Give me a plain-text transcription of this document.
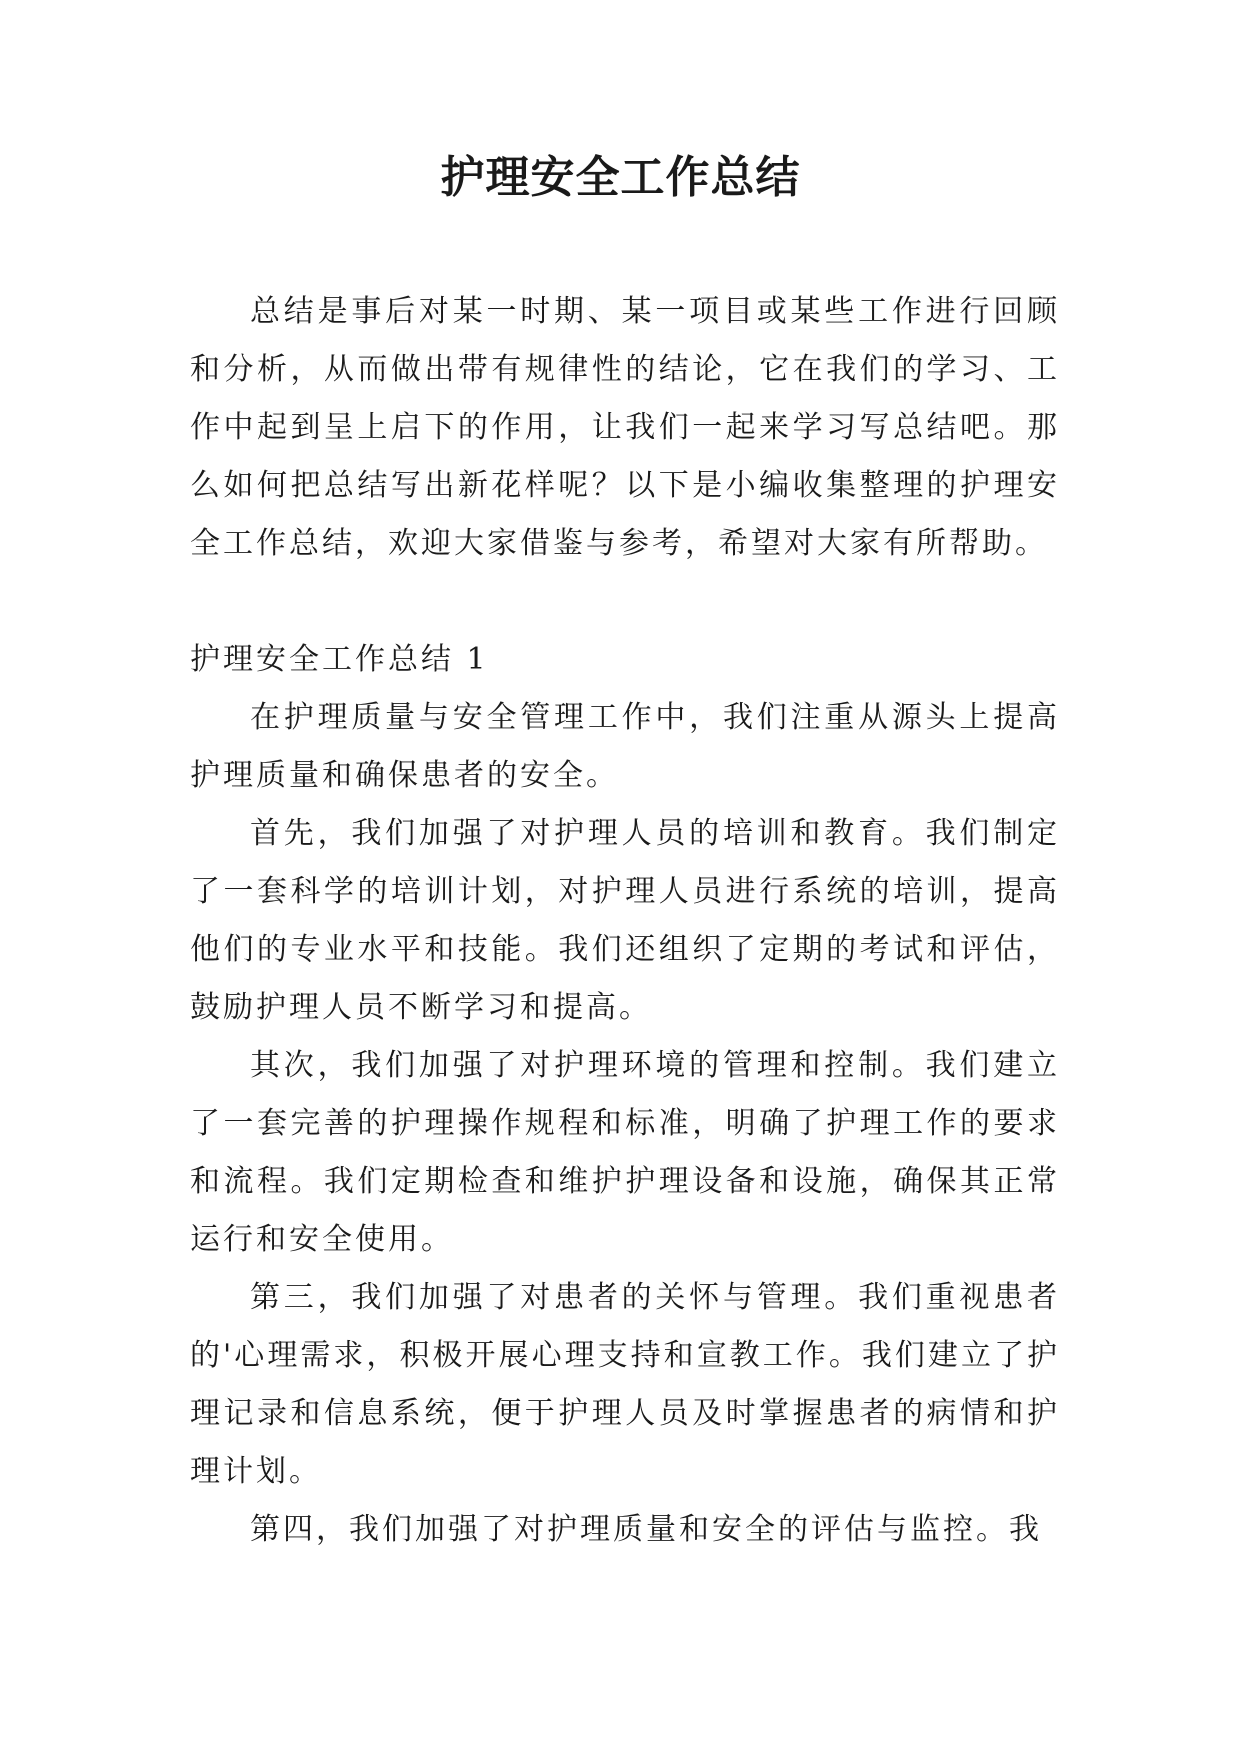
护理安全工作总结

总结是事后对某一时期、某一项目或某些工作进行回顾和分析，从而做出带有规律性的结论，它在我们的学习、工作中起到呈上启下的作用，让我们一起来学习写总结吧。那么如何把总结写出新花样呢？以下是小编收集整理的护理安全工作总结，欢迎大家借鉴与参考，希望对大家有所帮助。

护理安全工作总结 1

在护理质量与安全管理工作中，我们注重从源头上提高护理质量和确保患者的安全。

首先，我们加强了对护理人员的培训和教育。我们制定了一套科学的培训计划，对护理人员进行系统的培训，提高他们的专业水平和技能。我们还组织了定期的考试和评估，鼓励护理人员不断学习和提高。

其次，我们加强了对护理环境的管理和控制。我们建立了一套完善的护理操作规程和标准，明确了护理工作的要求和流程。我们定期检查和维护护理设备和设施，确保其正常运行和安全使用。

第三，我们加强了对患者的关怀与管理。我们重视患者的'心理需求，积极开展心理支持和宣教工作。我们建立了护理记录和信息系统，便于护理人员及时掌握患者的病情和护理计划。

第四，我们加强了对护理质量和安全的评估与监控。我
